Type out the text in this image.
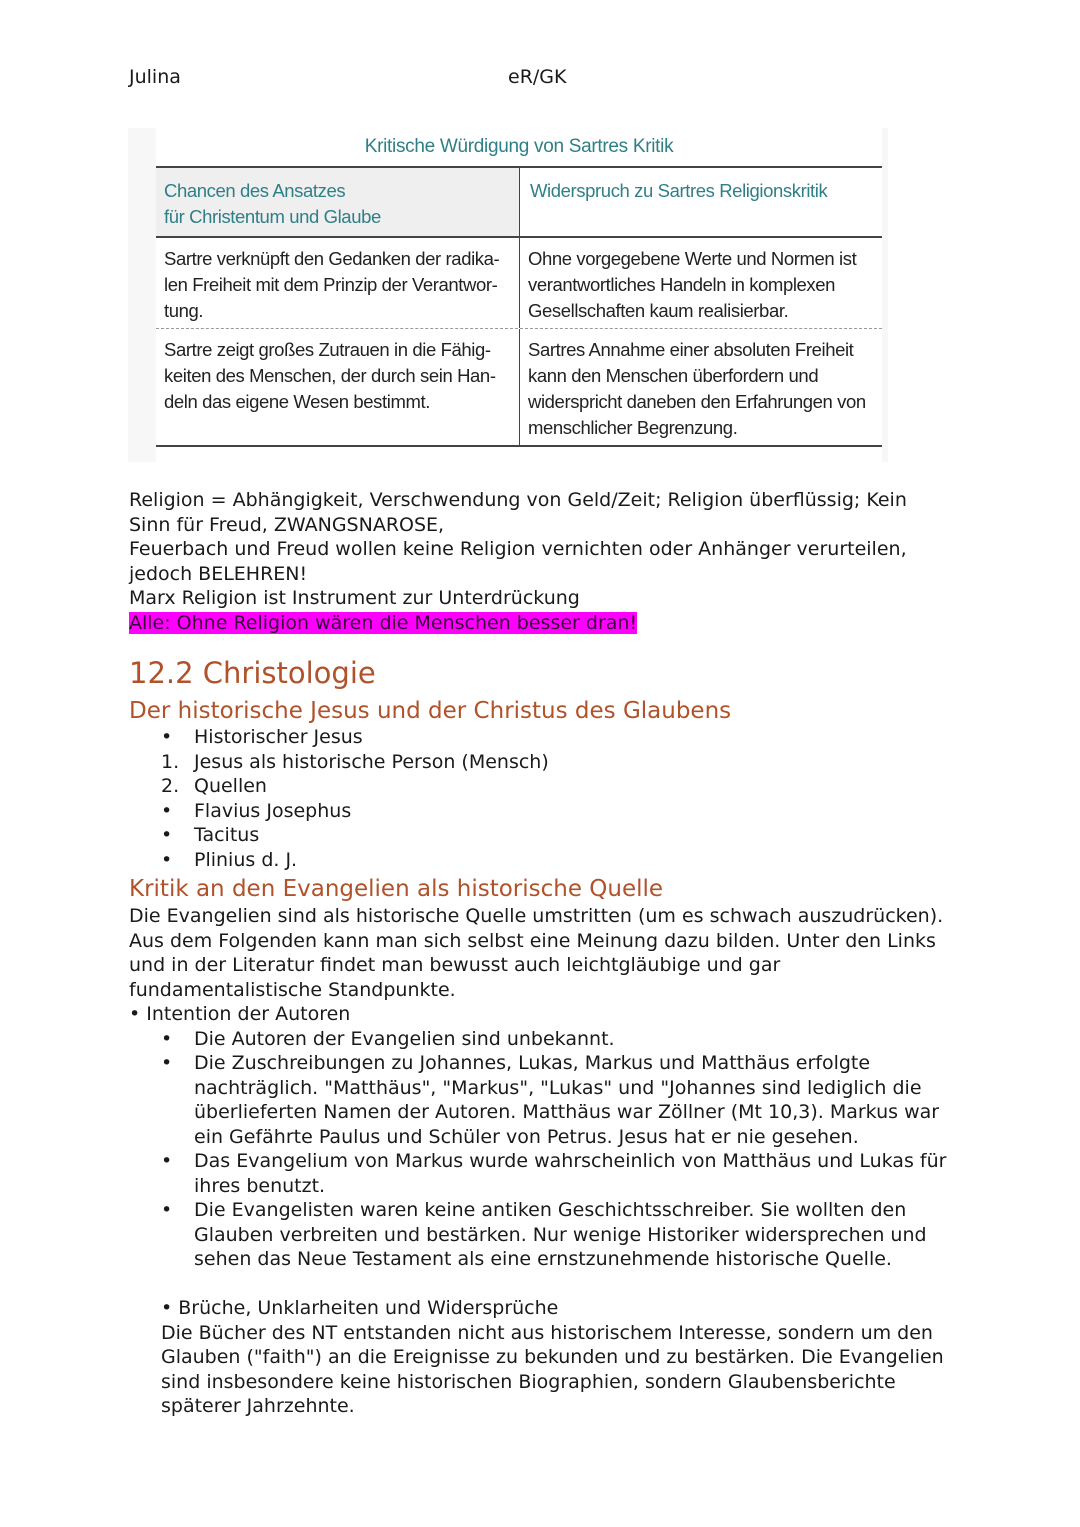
Julina	eR/GK
Kritische Würdigung von Sartres Kritik
Chancen des Ansatzes
für Christentum und Glaube
Widerspruch zu Sartres Religionskritik
Sartre verknüpft den Gedanken der radika-
len Freiheit mit dem Prinzip der Verantwor-
tung.
Ohne vorgegebene Werte und Normen ist
verantwortliches Handeln in komplexen
Gesellschaften kaum realisierbar.
Sartre zeigt großes Zutrauen in die Fähig-
keiten des Menschen, der durch sein Han-
deln das eigene Wesen bestimmt.
Sartres Annahme einer absoluten Freiheit
kann den Menschen überfordern und
widerspricht daneben den Erfahrungen von
menschlicher Begrenzung.

Religion = Abhängigkeit, Verschwendung von Geld/Zeit; Religion überflüssig; Kein

Sinn für Freud, ZWANGSNAROSE,

Feuerbach und Freud wollen keine Religion vernichten oder Anhänger verurteilen,

jedoch BELEHREN!

Marx Religion ist Instrument zur Unterdrückung

Alle: Ohne Religion wären die Menschen besser dran!

12.2 Christologie
Der historische Jesus und der Christus des Glaubens
• Historischer Jesus
1. Jesus als historische Person (Mensch)
2. Quellen
• Flavius Josephus
• Tacitus
• Plinius d. J.
Kritik an den Evangelien als historische Quelle

Die Evangelien sind als historische Quelle umstritten (um es schwach auszudrücken).

Aus dem Folgenden kann man sich selbst eine Meinung dazu bilden. Unter den Links

und in der Literatur findet man bewusst auch leichtgläubige und gar

fundamentalistische Standpunkte.

• Intention der Autoren

• Die Autoren der Evangelien sind unbekannt.
• Die Zuschreibungen zu Johannes, Lukas, Markus und Matthäus erfolgte
nachträglich. "Matthäus", "Markus", "Lukas" und "Johannes sind lediglich die
überlieferten Namen der Autoren. Matthäus war Zöllner (Mt 10,3). Markus war
ein Gefährte Paulus und Schüler von Petrus. Jesus hat er nie gesehen.
• Das Evangelium von Markus wurde wahrscheinlich von Matthäus und Lukas für
ihres benutzt.
• Die Evangelisten waren keine antiken Geschichtsschreiber. Sie wollten den
Glauben verbreiten und bestärken. Nur wenige Historiker widersprechen und
sehen das Neue Testament als eine ernstzunehmende historische Quelle.

• Brüche, Unklarheiten und Widersprüche

Die Bücher des NT entstanden nicht aus historischem Interesse, sondern um den

Glauben ("faith") an die Ereignisse zu bekunden und zu bestärken. Die Evangelien

sind insbesondere keine historischen Biographien, sondern Glaubensberichte

späterer Jahrzehnte.
